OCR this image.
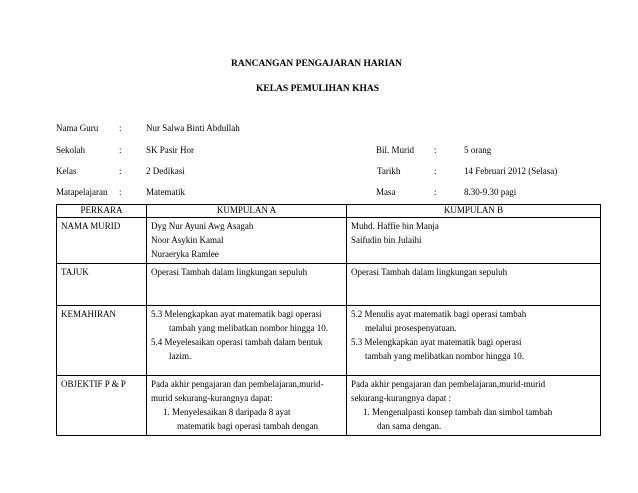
RANCANGAN PENGAJARAN HARIAN
KELAS PEMULIHAN KHAS
Nama Guru :	Nur Salwa Binti Abdullah
Sekolah	:	SK Pasir Hor
Kelas	:	2 Dedikasi
Matapelajaran :	Matematik
Bil. Murid :	5 orang
Tarikh	:	14 Februari 2012 (Selasa)
Masa	:	8.30-9.30 pagi
PERKARA	KUMPULAN A	KUMPULAN B
NAMA MURID	Dyg Nur Ayuni Awg Asagah
Noor Asykin Kamal
Nuraeryka Ramlee	Muhd. Haffie bin Manja
Saifudin bin Julaihi

TAJUK	Operasi Tambah dalam lingkungan sepuluh	Operasi Tambah dalam lingkungan sepuluh
KEMAHIRAN	5.3 Melengkapkan ayat matematik bagi operasi
tambah yang melibatkan nombor hingga 10.
5.4 Meyelesaikan operasi tambah dalam bentuk
lazim.	5.2 Menulis ayat matematik bagi operasi tambah
melalui prosespenyatuan.
5.3 Melengkapkan ayat matematik bagi operasi
tambah yang melibatkan nombor hingga 10.

OBJEKTIF P & P	Pada akhir pengajaran dan pembelajaran,murid-
murid sekurang-kurangnya dapat:
1. Menyelesaikan 8 daripada 8 ayat
matematik bagi operasi tambah dengan	Pada akhir pengajaran dan pembelajaran,murid-murid
sekurang-kurangnya dapat :
1. Mengenalpasti konsep tambah dan simbol tambah
dan sama dengan.
